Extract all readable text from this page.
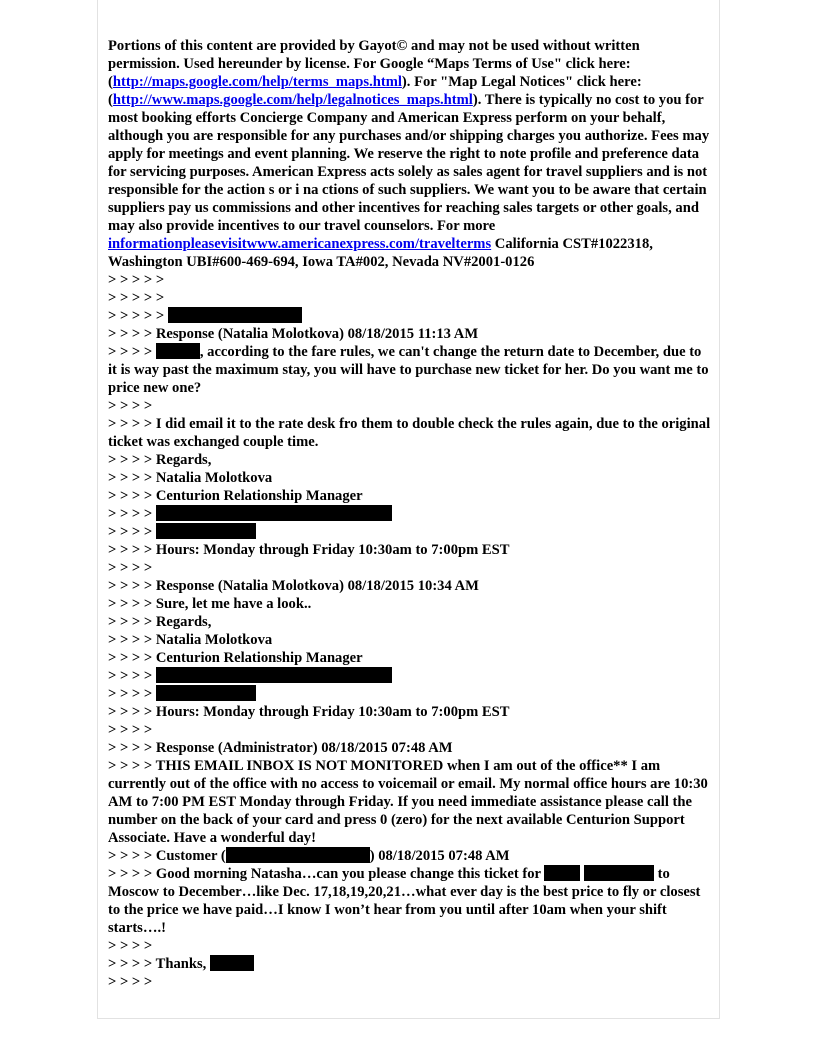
Portions of this content are provided by Gayot© and may not be used without written permission. Used hereunder by license. For Google “Maps Terms of Use" click here: (http://maps.google.com/help/terms_maps.html). For "Map Legal Notices" click here: (http://www.maps.google.com/help/legalnotices_maps.html). There is typically no cost to you for most booking efforts Concierge Company and American Express perform on your behalf, although you are responsible for any purchases and/or shipping charges you authorize. Fees may apply for meetings and event planning. We reserve the right to note profile and preference data for servicing purposes. American Express acts solely as sales agent for travel suppliers and is not responsible for the action s or i na ctions of such suppliers. We want you to be aware that certain suppliers pay us commissions and other incentives for reaching sales targets or other goals, and may also provide incentives to our travel counselors. For more informationpleasevisitwww.americanexpress.com/travelterms California CST#1022318, Washington UBI#600-469-694, Iowa TA#002, Nevada NV#2001-0126

> > > > >

> > > > >

> > > > >

> > > > Response (Natalia Molotkova) 08/18/2015 11:13 AM

> > > >	, according to the fare rules, we can't change the return date to December, due to it is way past the maximum stay, you will have to purchase new ticket for her. Do you want me to price new one?

> > > >

> > > > I did email it to the rate desk fro them to double check the rules again, due to the original ticket was exchanged couple time.

> > > > Regards,

> > > > Natalia Molotkova

> > > > Centurion Relationship Manager

> > > >

> > > >

> > > > Hours: Monday through Friday 10:30am to 7:00pm EST

> > > >

> > > > Response (Natalia Molotkova) 08/18/2015 10:34 AM

> > > > Sure, let me have a look..

> > > > Regards,

> > > > Natalia Molotkova

> > > > Centurion Relationship Manager

> > > >

> > > >

> > > > Hours: Monday through Friday 10:30am to 7:00pm EST

> > > >

> > > > Response (Administrator) 08/18/2015 07:48 AM

> > > > THIS EMAIL INBOX IS NOT MONITORED when I am out of the office** I am currently out of the office with no access to voicemail or email. My normal office hours are 10:30 AM to 7:00 PM EST Monday through Friday. If you need immediate assistance please call the number on the back of your card and press 0 (zero) for the next available Centurion Support Associate. Have a wonderful day!

> > > > Customer (	) 08/18/2015 07:48 AM

> > > > Good morning Natasha…can you please change this ticket for	to Moscow to December…like Dec. 17,18,19,20,21…what ever day is the best price to fly or closest to the price we have paid…I know I won’t hear from you until after 10am when your shift starts….!

> > > >

> > > > Thanks,

> > > >
